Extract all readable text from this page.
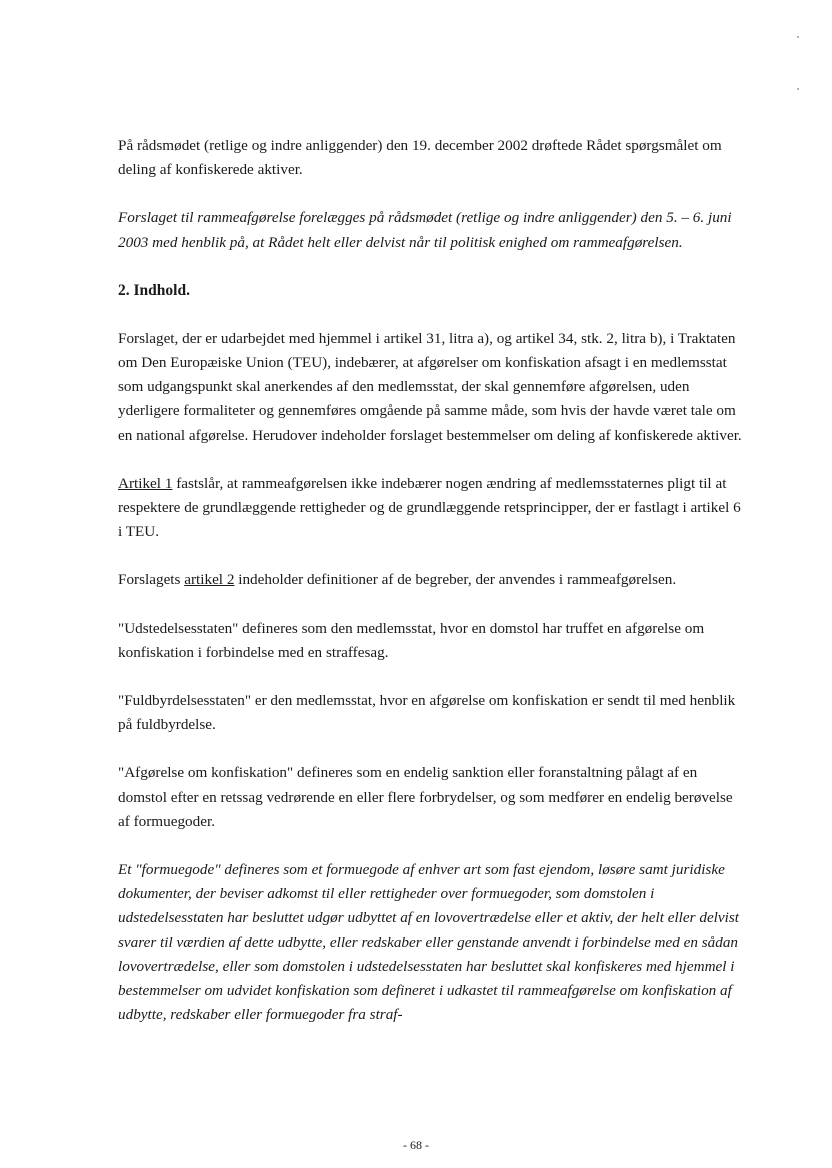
På rådsmødet (retlige og indre anliggender) den 19. december 2002 drøftede Rådet spørgsmålet om deling af konfiskerede aktiver.

Forslaget til rammeafgørelse forelægges på rådsmødet (retlige og indre anliggender) den 5. – 6. juni 2003 med henblik på, at Rådet helt eller delvist når til politisk enighed om rammeafgørelsen.

2. Indhold.

Forslaget, der er udarbejdet med hjemmel i artikel 31, litra a), og artikel 34, stk. 2, litra b), i Traktaten om Den Europæiske Union (TEU), indebærer, at afgørelser om konfiskation afsagt i en medlemsstat som udgangspunkt skal anerkendes af den medlemsstat, der skal gennemføre afgørelsen, uden yderligere formaliteter og gennemføres omgående på samme måde, som hvis der havde været tale om en national afgørelse. Herudover indeholder forslaget bestemmelser om deling af konfiskerede aktiver.

Artikel 1 fastslår, at rammeafgørelsen ikke indebærer nogen ændring af medlemsstaternes pligt til at respektere de grundlæggende rettigheder og de grundlæggende retsprincipper, der er fastlagt i artikel 6 i TEU.

Forslagets artikel 2 indeholder definitioner af de begreber, der anvendes i rammeafgørelsen.

"Udstedelsesstaten" defineres som den medlemsstat, hvor en domstol har truffet en afgørelse om konfiskation i forbindelse med en straffesag.

"Fuldbyrdelsesstaten" er den medlemsstat, hvor en afgørelse om konfiskation er sendt til med henblik på fuldbyrdelse.

"Afgørelse om konfiskation" defineres som en endelig sanktion eller foranstaltning pålagt af en domstol efter en retssag vedrørende en eller flere forbrydelser, og som medfører en endelig berøvelse af formuegoder.

Et "formuegode" defineres som et formuegode af enhver art som fast ejendom, løsøre samt juridiske dokumenter, der beviser adkomst til eller rettigheder over formuegoder, som domstolen i udstedelsesstaten har besluttet udgør udbyttet af en lovovertrædelse eller et aktiv, der helt eller delvist svarer til værdien af dette udbytte, eller redskaber eller genstande anvendt i forbindelse med en sådan lovovertrædelse, eller som domstolen i udstedelsesstaten har besluttet skal konfiskeres med hjemmel i bestemmelser om udvidet konfiskation som defineret i udkastet til rammeafgørelse om konfiskation af udbytte, redskaber eller formuegoder fra straf-

- 68 -
